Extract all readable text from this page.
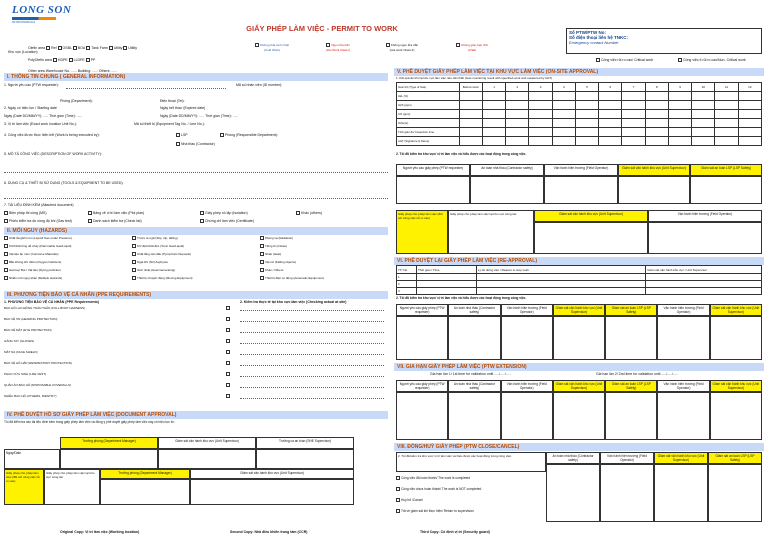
LONG SON
PETROCHEMICALS
GIẤY PHÉP LÀM VIỆC - PERMIT TO WORK
Khu vực (Location)
Olefin area Ref OSBL BOU Tank Farm Utility Utility
PolyOlefin area HDPE LLDPE PP
Other area Warehouse No. ...... Building: ...... Others: ......
Không phát sinh nhiệt
(Cold Work)
Ngọn lửa trần
(Hot Work Class I)
Không ngọn lửa trần
(Hot work Class II)
Không gian hạn chế
(CSE)
Số PTW/PTW No:
Số điện thoại liên hệ TNKC:
Emergency contact Number
Công việc rủi ro cao/ Critical work	Công việc ít rủi ro cao/Non- Critical work
I. THÔNG TIN CHUNG ( GENERAL INFORMATION)
1. Người yêu cầu (PTW requester):	Mã số nhân viên (ID number):
Phòng (Department):	Điện thoại (Tel):
2. Ngày có hiệu lực / Starting date	Ngày kết thúc/ (Expired date)
Ngày (Date DD/MM/YY): ..... Thời gian (Time): .....	Ngày (Date DD/MM/YY): ..... Thời gian (Time): .....
3. Vị trí làm việc (Exact work location Unit No.):	Mã số thiết bị (Equipment Tag No. / Line No.):
4. Công việc được thực hiện bởi (Work is being executed by):	LSP	Phòng (Responsible Department):
Nhà thầu (Contractor)
5. MÔ TẢ CÔNG VIỆC (DESCRIPTION OF WORK ACTIVITY):
6. DỤNG CỤ & THIẾT BỊ SỬ DỤNG (TOOLS & EQUIPMENT TO BE USED):
7. TÀI LIỆU ĐÍNH KÈM (Attached document)
Biện pháp thi công (MS)	Bảng vẽ vị trí làm việc (Plot plan)	Giấy phép cô lập (Isolation)	Khác (others)
Phiếu kiểm tra đo nồng độ khí (Gas test)	Danh sách kiểm tra (Check list)	Chứng chỉ làm việc (Certificate)
II. MỐI NGUY (HAZARDS)
Chất lỏng/khí nén (Liquid/ Gas under Pressure)	Trượt, té ngã (Slip, trip, falling)	Phóng xạ (Radiation)
Khí/Chất lỏng dễ cháy (Flammable Gas/Liquid)	Khí độc/chất độc (Toxic Gas/Liquid)	Tiếng ồn (Noise)
Vật liệu ăn mòn (Corrosive Materials)	Chất lắng cặn dầu (Pyrophoric Deposits)	Nhiệt (Heat)
Bầu không khí thiếu (Oxygen Deficient)	Ngạt khí (N2) Asphyxia	Vật rơi (Falling objects)
Hạt bay/ Bụi / Vật liệu (Flying particles)	Sinh nhiệt (Heat Generating)	Khác / Others
Nhiều mối nguy khác (Multiple Hazards)	Thiết bị chuyển động (Moving Equipment)	Thiết bị điện tự động (Automatic Equipment)
III. PHƯƠNG TIỆN BẢO VỆ CÁ NHÂN (PPE REQUIREMENTS)
1. PHƯƠNG TIỆN BẢO VỆ CÁ NHÂN (PPE Requirements)	2. Kiểm tra thực tế tại khu vực làm việc (Checking actual at site)
BẢO HỘ LAO ĐỘNG TOÀN THÂN (FULL BODY HARNESS)
BẢO VỆ TAI (HEARING PROTECTION)
BẢO VỆ MẮT (EYE PROTECTION)
GĂNG TAY (GLOVES)
MẶT NẠ (FACE SHIELD)
BẢO VỆ HÔ HẤP (RESPIRATORY PROTECTION)
PHAO CỨU SINH (LIFE VEST)
QUẦN ÁO BẢO HỘ (DISPOSABLE COVERALLS)
NHIỀU BẢO HỘ (OTHERS, IDENTIFY)
IV. PHÊ DUYỆT HỒ SƠ GIẤY PHÉP LÀM VIỆC (DOCUMENT APPROVAL)
Tôi đã kiểm tra các tài liệu đính kèm trong giấy phép làm việc và đồng ý phê duyệt giấy phép làm việc này có hiệu lực từ:
Trưởng phòng (Department Manager)	Giám sát vận hành khu vực (Unit Supervisor)	Trưởng ca an toàn (SHE Supervisor)
Ngày/Date
Giấy phép cho phép làm việc (đối với công việc rủi ro cao)
Giấy phép cho phép làm việc tại khu vực công tác
Trưởng phòng (Department Manager)	Giám sát vận hành khu vực (Unit Supervisor)
Original Copy: Vị trí làm việc (Working location)	Second Copy: Nhà điều khiển trung tâm (CCR)	Third Copy: Cố định vị trí (Security guard)
V. PHÊ DUYỆT GIẤY PHÉP LÀM VIỆC TẠI KHU VỰC LÀM VIỆC (ON-SITE APPROVAL)
1. Kết quả đo khí tại khu vực làm việc nếu cần thiết (Gas monitoring result with specified work and measured by AGT)
Gas/ khí (Type of Gas)	Before work	1	2	3	4	5	6	7	8	9	10	11	12
LEL (%)													
H2S (ppm)													
CO (ppm)													
Other(s)													
Thời gian đo/ Inspection time													
AGT (Signature & Name)													
2. Tôi đã kiểm tra khu vực/ vị trí làm việc và hiểu được các hoạt động trong công việc.
Người yêu cầu giấy phép (PTW requester)	An toàn nhà thầu (Contractor safety)	Vận hành hiện trường (Field Operator)	Giám sát vận hành khu vực (Unit Supervisor)	Giám sát an toàn LSP (LSP Safety)
Giấy phép cho phép làm việc (đối với công việc rủi ro cao)
Giấy phép cho phép làm việc tại khu vực công tác	Giám sát vận hành khu vực (Unit Supervisor)	Vận hành hiện trường (Field Operator)
VI. PHÊ DUYỆT LẠI GIẤY PHÉP LÀM VIỆC (RE-APPROVAL)
TT/ No	Thời gian / Time	Lý do dừng việc / Reason to stop work	Giám sát vận hành khu vực / Unit Supervisor
1			
2			
3			
2. Tôi đã kiểm tra khu vực/ vị trí làm việc và hiểu được các hoạt động trong công việc.
Người yêu cầu giấy phép (PTW requester)
An toàn nhà thầu (Contractor safety)
Vận hành hiện trường (Field Operator)
Giám sát vận hành khu vực (Unit Supervisor)
Giám sát an toàn LSP (LSP Safety)
Vận hành hiện trường (Field Operator)
Giám sát vận hành khu vực (Unit Supervisor)
VII. GIA HẠN GIẤY PHÉP LÀM VIỆC (PTW EXTENSION)
Gia hạn lần 1/ 1st time for validation until ...../...../.....	Gia hạn lần 2/ 2nd time for validation until ...../...../.....
Người yêu cầu giấy phép (PTW requester)
An toàn nhà thầu (Contractor safety)
Vận hành hiện trường (Field Operator)
Giám sát vận hành khu vực (Unit Supervisor)
Giám sát an toàn LSP (LSP Safety)
Vận hành hiện trường (Field Operator)
Giám sát vận hành khu vực (Unit Supervisor)
VIII. ĐÓNG/HUỶ GIẤY PHÉP (PTW CLOSE/CANCEL)
2. Tôi đã kiểm tra khu vực/ vị trí làm việc và hiểu được các hoạt động trong công việc.	An toàn nhà thầu (Contractor safety)
Vận hành hiện trường (Field Operator)
Giám sát vận hành khu vực (Unit Supervisor)
Giám sát an toàn LSP (LSP Safety)
Công việc đã hoàn thành/ The work is completed
Công việc chưa hoàn thành/ The work is NOT completed
Huỷ bỏ /Cancel
Trả về giám sát khi thực hiện/ Return to supervision
